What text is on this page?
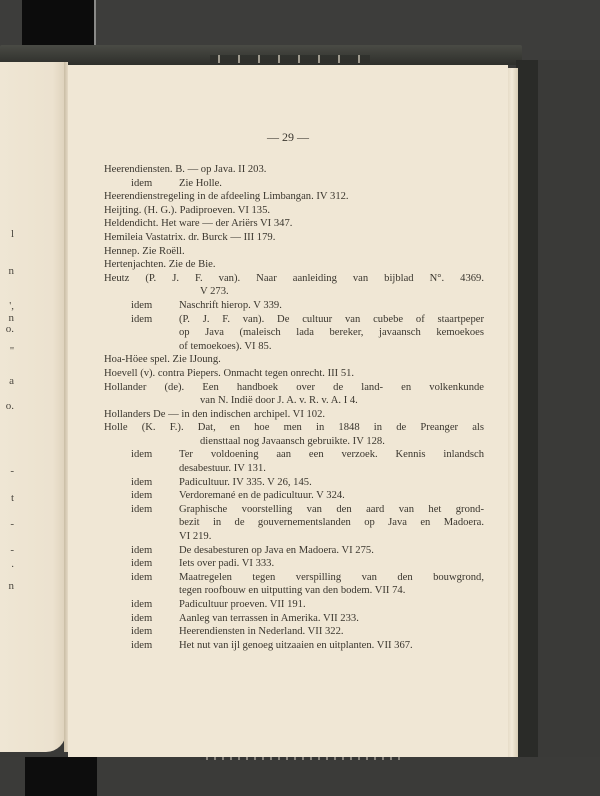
l
n
',
n
o.
''
a
o.
-
t
-
-
.
n
— 29 —
Heerendiensten. B. — op Java. II 203.
idem	Zie Holle.
Heerendienstregeling in de afdeeling Limbangan. IV 312.
Heijting. (H. G.). Padiproeven. VI 135.
Heldendicht. Het ware — der Ariërs VI 347.
Hemileia Vastatrix. dr. Burck — III 179.
Hennep. Zie Roëll.
Hertenjachten. Zie de Bie.
Heutz (P. J. F. van). Naar aanleiding van bijblad N°. 4369.
V 273.
idem	Naschrift hierop. V 339.
idem	(P. J. F. van). De cultuur van cubebe of staartpeper
op Java (maleisch lada bereker, javaansch kemoekoes
of temoekoes). VI 85.
Hoa-Höee spel. Zie IJoung.
Hoevell (v). contra Piepers. Onmacht tegen onrecht. III 51.
Hollander (de). Een handboek over de land- en volkenkunde
van N. Indië door J. A. v. R. v. A. I 4.
Hollanders De — in den indischen archipel. VI 102.
Holle (K. F.). Dat, en hoe men in 1848 in de Preanger als
diensttaal nog Javaansch gebruikte. IV 128.
idem	Ter voldoening aan een verzoek. Kennis inlandsch
desabestuur. IV 131.
idem	Padicultuur. IV 335. V 26, 145.
idem	Verdoremané en de padicultuur. V 324.
idem	Graphische voorstelling van den aard van het grond-
bezit in de gouvernementslanden op Java en Madoera.
VI 219.
idem	De desabesturen op Java en Madoera. VI 275.
idem	Iets over padi. VI 333.
idem	Maatregelen tegen verspilling van den bouwgrond,
tegen roofbouw en uitputting van den bodem. VII 74.
idem	Padicultuur proeven. VII 191.
idem	Aanleg van terrassen in Amerika. VII 233.
idem	Heerendiensten in Nederland. VII 322.
idem	Het nut van ijl genoeg uitzaaien en uitplanten. VII 367.
